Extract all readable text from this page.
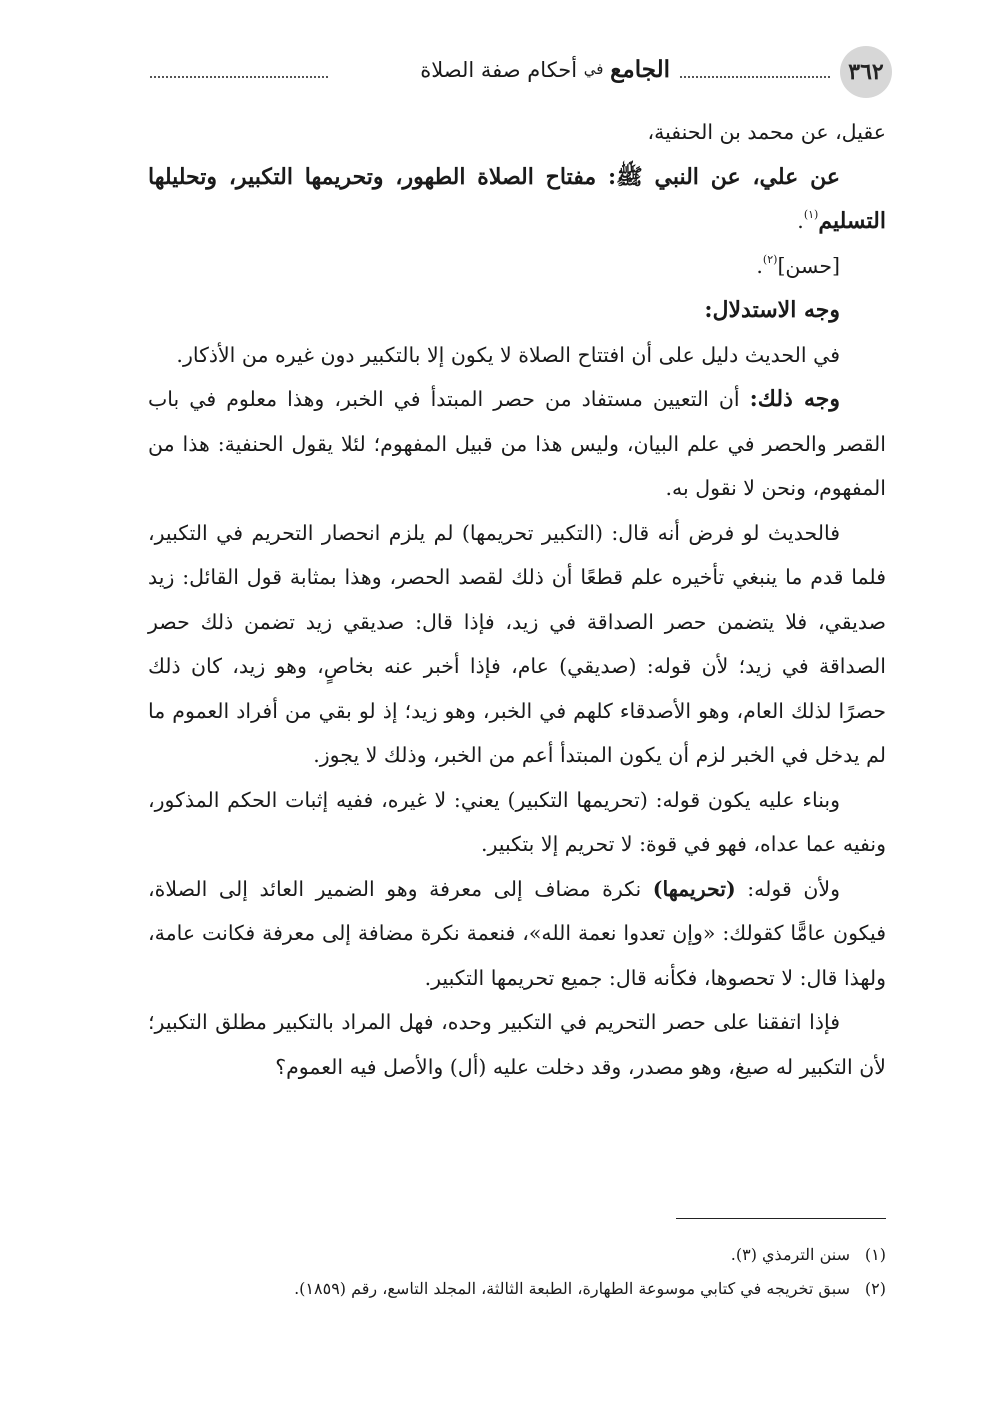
٣٦٢
الجامع في أحكام صفة الصلاة

عقيل، عن محمد بن الحنفية،

عن علي، عن النبي ﷺ: مفتاح الصلاة الطهور، وتحريمها التكبير، وتحليلها التسليم$^{(١)}$.

[حسن]$^{(٢)}$.

وجه الاستدلال:

في الحديث دليل على أن افتتاح الصلاة لا يكون إلا بالتكبير دون غيره من الأذكار.

وجه ذلك: أن التعيين مستفاد من حصر المبتدأ في الخبر، وهذا معلوم في باب القصر والحصر في علم البيان، وليس هذا من قبيل المفهوم؛ لئلا يقول الحنفية: هذا من المفهوم، ونحن لا نقول به.

فالحديث لو فرض أنه قال: (التكبير تحريمها) لم يلزم انحصار التحريم في التكبير، فلما قدم ما ينبغي تأخيره علم قطعًا أن ذلك لقصد الحصر، وهذا بمثابة قول القائل: زيد صديقي، فلا يتضمن حصر الصداقة في زيد، فإذا قال: صديقي زيد تضمن ذلك حصر الصداقة في زيد؛ لأن قوله: (صديقي) عام، فإذا أخبر عنه بخاصٍ، وهو زيد، كان ذلك حصرًا لذلك العام، وهو الأصدقاء كلهم في الخبر، وهو زيد؛ إذ لو بقي من أفراد العموم ما لم يدخل في الخبر لزم أن يكون المبتدأ أعم من الخبر، وذلك لا يجوز.

وبناء عليه يكون قوله: (تحريمها التكبير) يعني: لا غيره، ففيه إثبات الحكم المذكور، ونفيه عما عداه، فهو في قوة: لا تحريم إلا بتكبير.

ولأن قوله: (تحريمها) نكرة مضاف إلى معرفة وهو الضمير العائد إلى الصلاة، فيكون عامًّا كقولك: «وإن تعدوا نعمة الله»، فنعمة نكرة مضافة إلى معرفة فكانت عامة، ولهذا قال: لا تحصوها، فكأنه قال: جميع تحريمها التكبير.

فإذا اتفقنا على حصر التحريم في التكبير وحده، فهل المراد بالتكبير مطلق التكبير؛ لأن التكبير له صيغ، وهو مصدر، وقد دخلت عليه (أل) والأصل فيه العموم؟

(١)سنن الترمذي (٣).

(٢)سبق تخريجه في كتابي موسوعة الطهارة، الطبعة الثالثة، المجلد التاسع، رقم (١٨٥٩).
